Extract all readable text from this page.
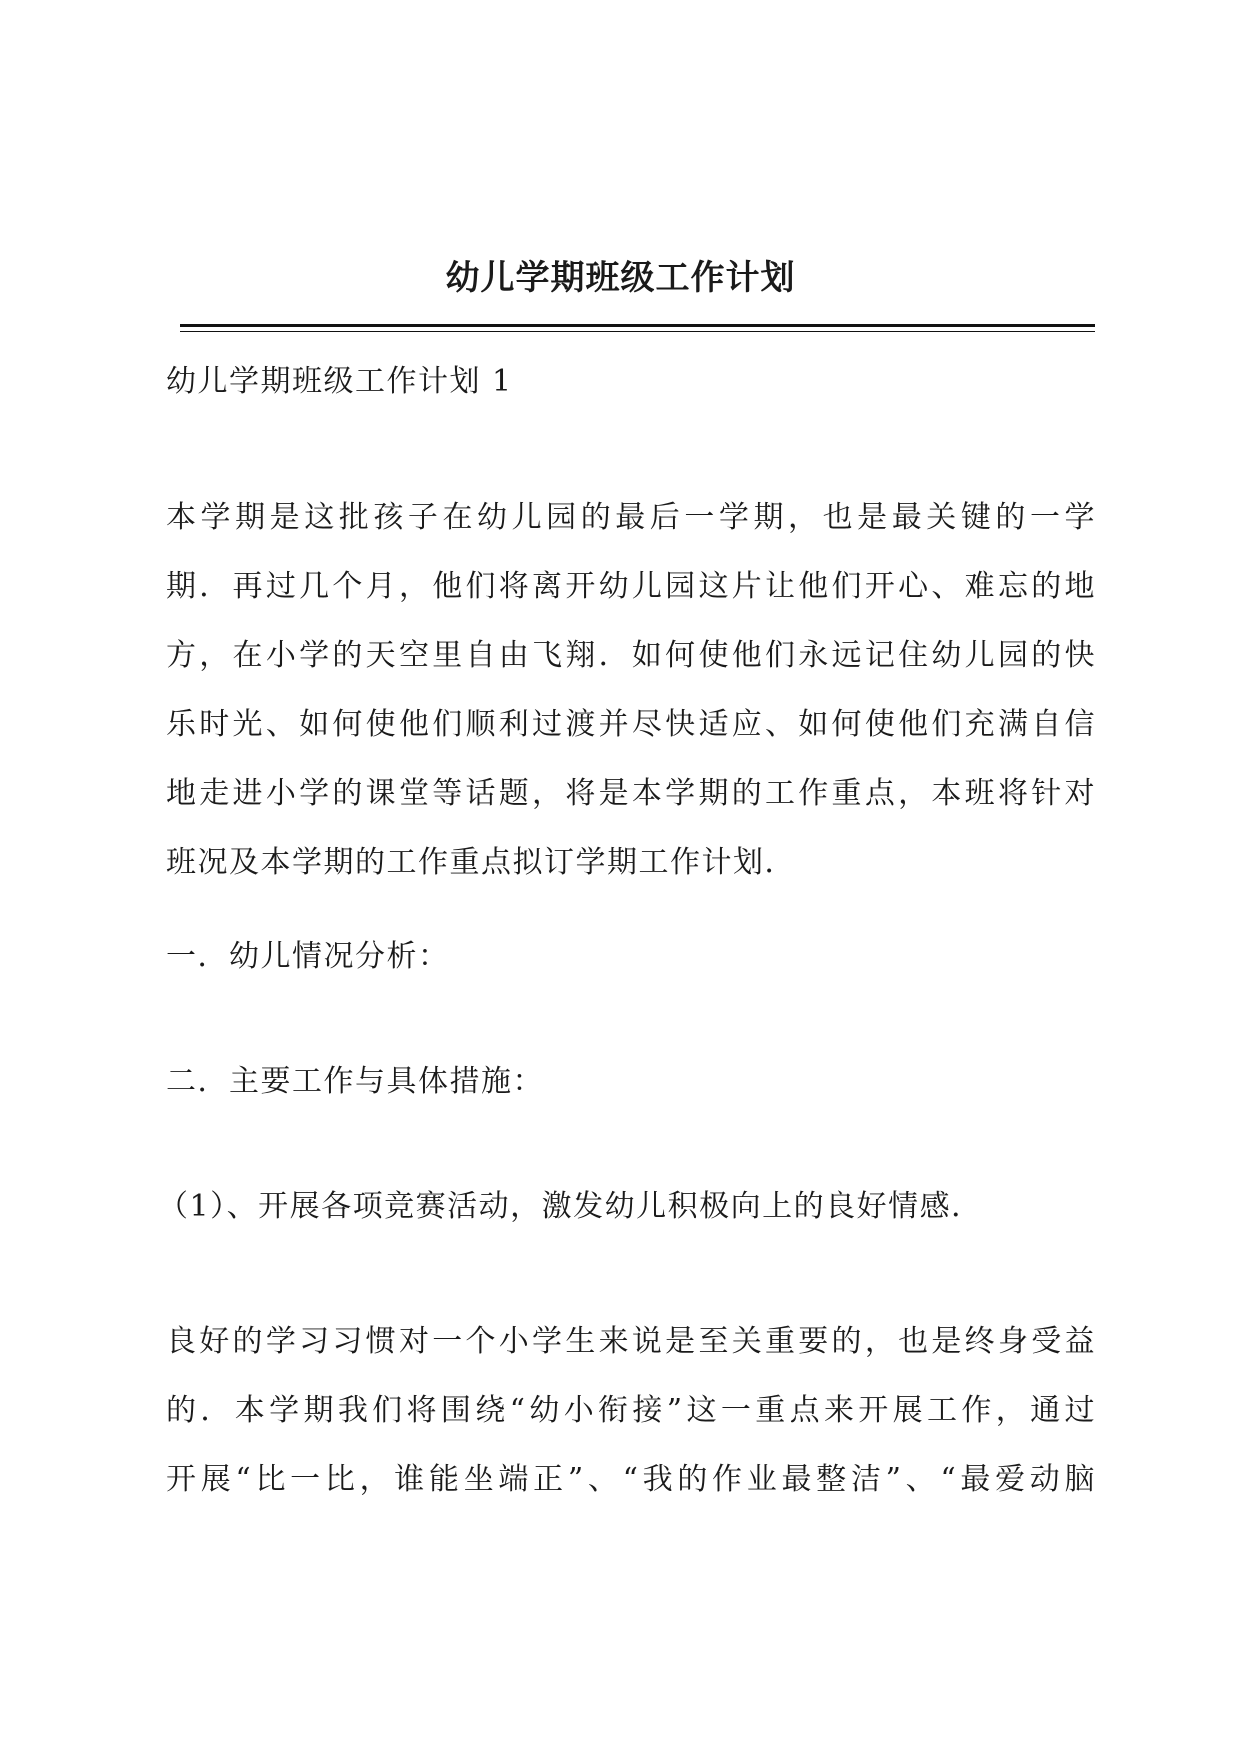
幼儿学期班级工作计划

幼儿学期班级工作计划 1

本学期是这批孩子在幼儿园的最后一学期，也是最关键的一学
期．再过几个月，他们将离开幼儿园这片让他们开心、难忘的地
方，在小学的天空里自由飞翔．如何使他们永远记住幼儿园的快
乐时光、如何使他们顺利过渡并尽快适应、如何使他们充满自信
地走进小学的课堂等话题，将是本学期的工作重点，本班将针对
班况及本学期的工作重点拟订学期工作计划．

一．幼儿情况分析：

二．主要工作与具体措施：

（1）、开展各项竞赛活动，激发幼儿积极向上的良好情感．

良好的学习习惯对一个小学生来说是至关重要的，也是终身受益
的．本学期我们将围绕“幼小衔接”这一重点来开展工作，通过
开展“比一比，谁能坐端正”、“我的作业最整洁”、“最爱动脑
